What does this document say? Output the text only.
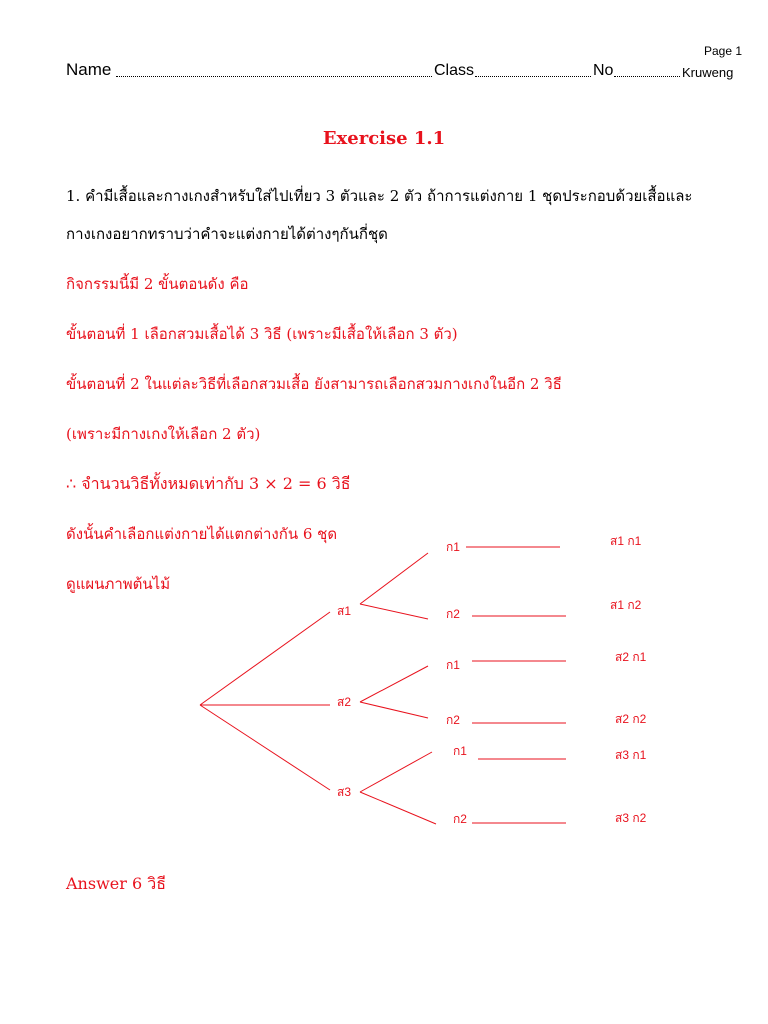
Page 1
Name	Class	No	Kruweng
Exercise 1.1
1. คำมีเสื้อและกางเกงสำหรับใส่ไปเที่ยว 3 ตัวและ 2 ตัว ถ้าการแต่งกาย 1 ชุดประกอบด้วยเสื้อและ
กางเกงอยากทราบว่าคำจะแต่งกายได้ต่างๆกันกี่ชุด
กิจกรรมนี้มี 2 ขั้นตอนดัง คือ
ขั้นตอนที่ 1 เลือกสวมเสื้อได้ 3 วิธี (เพราะมีเสื้อให้เลือก 3 ตัว)
ขั้นตอนที่ 2 ในแต่ละวิธีที่เลือกสวมเสื้อ ยังสามารถเลือกสวมกางเกงในอีก 2 วิธี
(เพราะมีกางเกงให้เลือก 2 ตัว)
∴ จำนวนวิธีทั้งหมดเท่ากับ 3 × 2 = 6 วิธี
ดังนั้นคำเลือกแต่งกายได้แตกต่างกัน 6 ชุด
ดูแผนภาพต้นไม้
ส1
ส2
ส3
ก1
ก2
ก1
ก2
ก1
ก2
ส1 ก1
ส1 ก2
ส2 ก1
ส2 ก2
ส3 ก1
ส3 ก2
Answer 6 วิธี
